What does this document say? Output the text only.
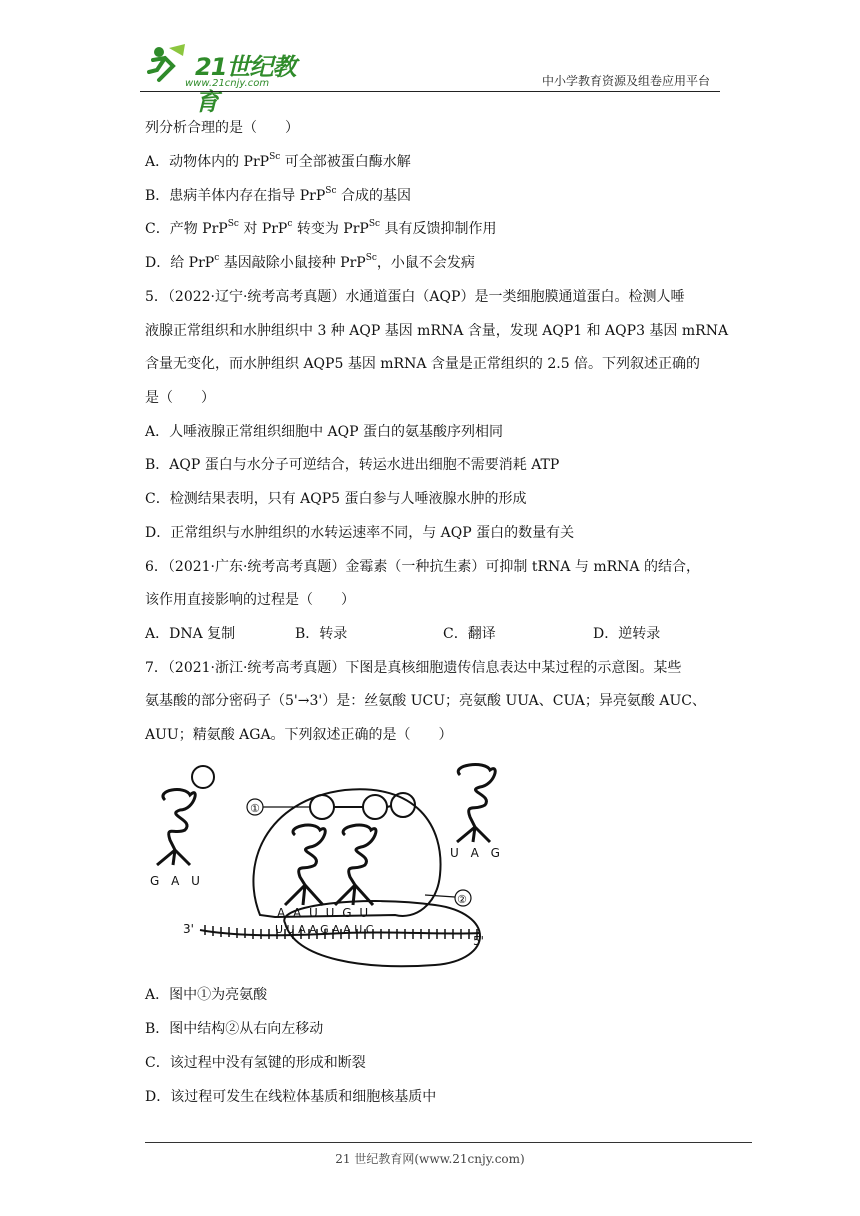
21世纪教育
www.21cnjy.com	中小学教育资源及组卷应用平台
列分析合理的是（　　）
A．动物体内的 PrP$^{Sc}$ 可全部被蛋白酶水解
B．患病羊体内存在指导 PrP$^{Sc}$ 合成的基因
C．产物 PrP$^{Sc}$ 对 PrP$^c$ 转变为 PrP$^{Sc}$ 具有反馈抑制作用
D．给 PrP$^c$ 基因敲除小鼠接种 PrP$^{Sc}$，小鼠不会发病
5．（2022·辽宁·统考高考真题）水通道蛋白（AQP）是一类细胞膜通道蛋白。检测人唾
液腺正常组织和水肿组织中 3 种 AQP 基因 mRNA 含量，发现 AQP1 和 AQP3 基因 mRNA
含量无变化，而水肿组织 AQP5 基因 mRNA 含量是正常组织的 2.5 倍。下列叙述正确的
是（　　）
A．人唾液腺正常组织细胞中 AQP 蛋白的氨基酸序列相同
B．AQP 蛋白与水分子可逆结合，转运水进出细胞不需要消耗 ATP
C．检测结果表明，只有 AQP5 蛋白参与人唾液腺水肿的形成
D．正常组织与水肿组织的水转运速率不同，与 AQP 蛋白的数量有关
6．（2021·广东·统考高考真题）金霉素（一种抗生素）可抑制 tRNA 与 mRNA 的结合，
该作用直接影响的过程是（　　）
A．DNA 复制	B．转录	C．翻译	D．逆转录
7．（2021·浙江·统考高考真题）下图是真核细胞遗传信息表达中某过程的示意图。某些
氨基酸的部分密码子（5'→3'）是：丝氨酸 UCU；亮氨酸 UUA、CUA；异亮氨酸 AUC、
AUU；精氨酸 AGA。下列叙述正确的是（　　）
①
②
G A U
U A G
A A U U G U
U U A A G A A U C
3'
5'
A．图中①为亮氨酸
B．图中结构②从右向左移动
C．该过程中没有氢键的形成和断裂
D．该过程可发生在线粒体基质和细胞核基质中
21 世纪教育网(www.21cnjy.com)
